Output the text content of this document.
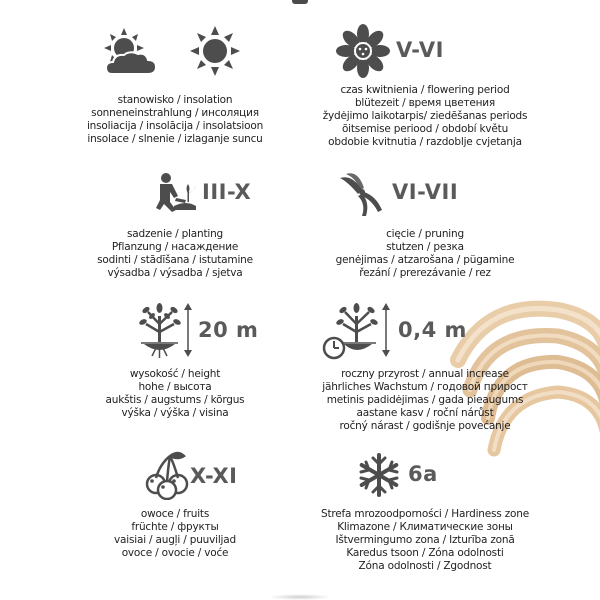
stanowisko / insolation
sonneneinstrahlung / инсоляция
insoliacija / insolācija / insolatsioon
insolace / slnenie / izlaganje suncu
V-VI
czas kwitnienia / flowering period
blütezeit / время цветения
žydėjimo laikotarpis/ ziedēšanas periods
õitsemise periood / období květu
obdobie kvitnutia / razdoblje cvjetanja
III-X
sadzenie / planting
Pflanzung / насаждение
sodinti / stādīšana / istutamine
výsadba / výsadba / sjetva
VI-VII
cięcie / pruning
stutzen / резка
genėjimas / atzarošana / pügamine
řezání / prerezávanie / rez
20 m
wysokość / height
hohe / высота
aukštis / augstums / kõrgus
výška / výška / visina
0,4 m
roczny przyrost / annual increase
jährliches Wachstum / годовой прирост
metinis padidėjimas / gada pieaugums
aastane kasv / roční nárůst
ročný nárast / godišnje povećanje
X-XI
owoce / fruits
früchte / фрукты
vaisiai / augļi / puuviljad
ovoce / ovocie / voće
6a
Strefa mrozoodporności / Hardiness zone
Klimazone / Климатические зоны
Ištvermingumo zona / Izturība zonā
Karedus tsoon / Zóna odolnosti
Zóna odolnosti / Zgodnost
